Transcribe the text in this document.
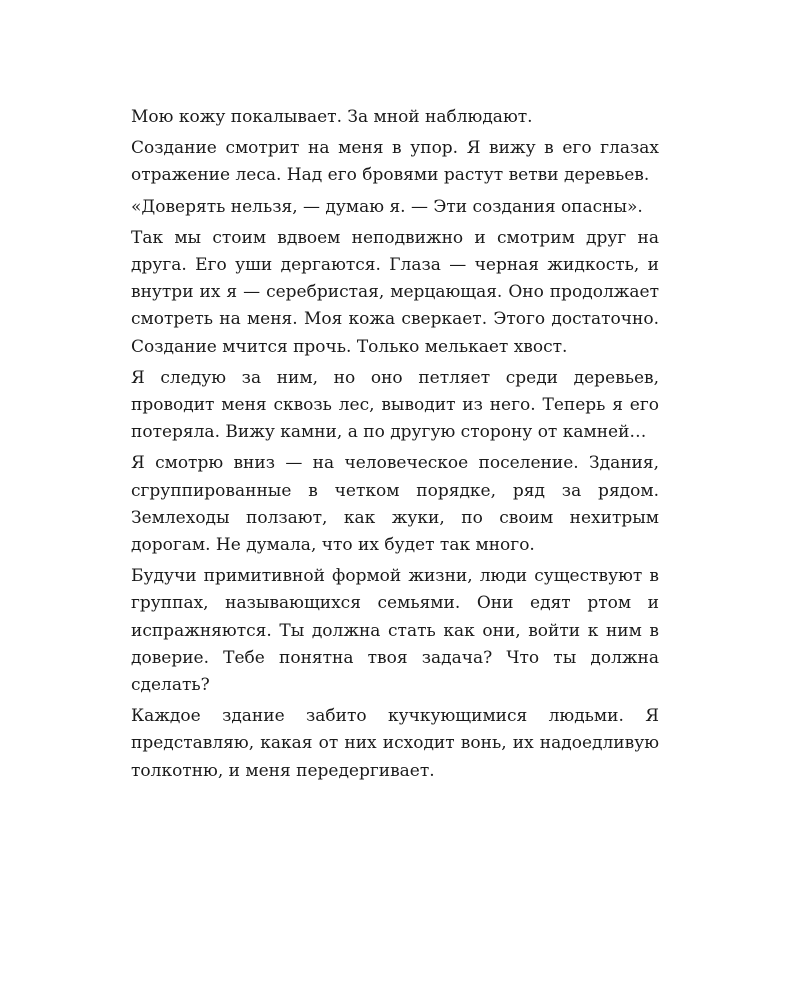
Мою кожу покалывает. За мной наблюдают.

Создание смотрит на меня в упор. Я вижу в его глазах отражение леса. Над его бровями растут ветви деревьев.

«Доверять нельзя, — думаю я. — Эти создания опасны».

Так мы стоим вдвоем неподвижно и смотрим друг на друга. Его уши дергаются. Глаза — черная жидкость, и внутри их я — серебристая, мерцающая. Оно продолжает смотреть на меня. Моя кожа сверкает. Этого достаточно. Создание мчится прочь. Только мелькает хвост.

Я следую за ним, но оно петляет среди деревьев, проводит меня сквозь лес, выводит из него. Теперь я его потеряла. Вижу камни, а по другую сторону от камней…

Я смотрю вниз — на человеческое поселение. Здания, сгруппированные в четком порядке, ряд за рядом. Землеходы ползают, как жуки, по своим нехитрым дорогам. Не думала, что их будет так много.

Будучи примитивной формой жизни, люди существуют в группах, называющихся семьями. Они едят ртом и испражняются. Ты должна стать как они, войти к ним в доверие. Тебе понятна твоя задача? Что ты должна сделать?

Каждое здание забито кучкующимися людьми. Я представляю, какая от них исходит вонь, их надоедливую толкотню, и меня передергивает.
